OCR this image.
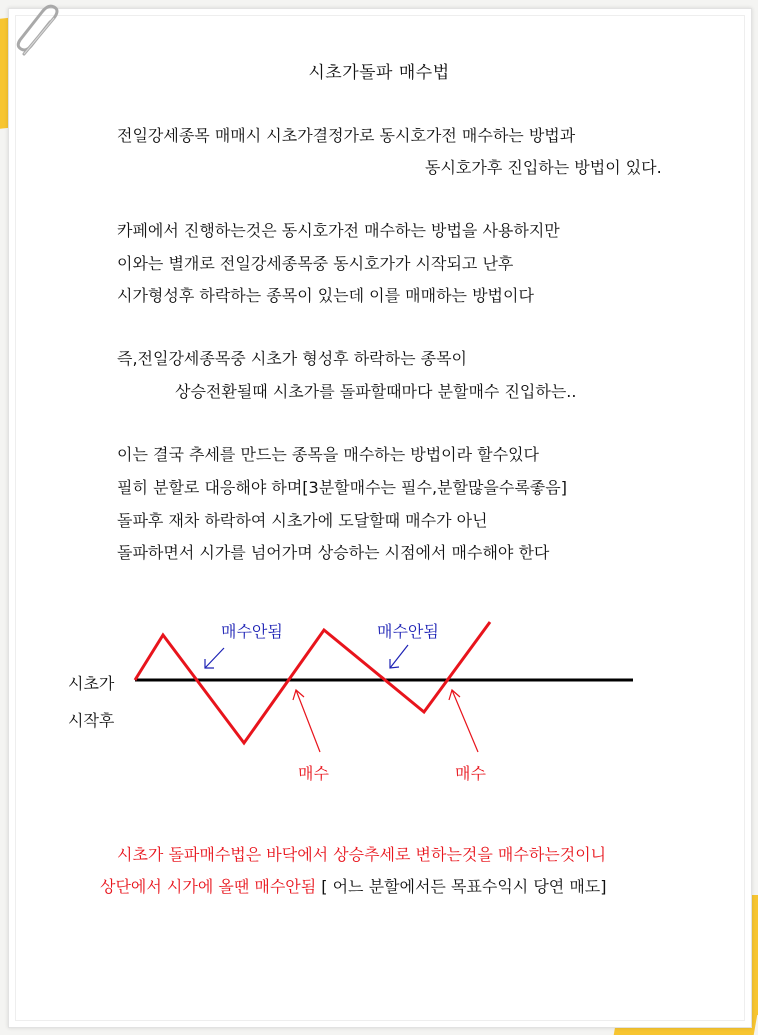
시초가돌파 매수법
전일강세종목 매매시 시초가결정가로 동시호가전 매수하는 방법과
동시호가후 진입하는 방법이 있다.
카페에서 진행하는것은 동시호가전 매수하는 방법을 사용하지만
이와는 별개로 전일강세종목중 동시호가가 시작되고 난후
시가형성후 하락하는 종목이 있는데 이를 매매하는 방법이다
즉,전일강세종목중 시초가 형성후 하락하는 종목이
상승전환될때 시초가를 돌파할때마다 분할매수 진입하는..
이는 결국 추세를 만드는 종목을 매수하는 방법이라 할수있다
필히 분할로 대응해야 하며[3분할매수는 필수,분할많을수록좋음]
돌파후 재차 하락하여 시초가에 도달할때 매수가 아닌
돌파하면서 시가를 넘어가며 상승하는 시점에서 매수해야 한다
시초가
시작후
매수안됨	매수안됨
매수	매수
시초가 돌파매수법은 바닥에서 상승추세로 변하는것을 매수하는것이니
상단에서 시가에 올땐 매수안됨 [ 어느 분할에서든 목표수익시 당연 매도]
